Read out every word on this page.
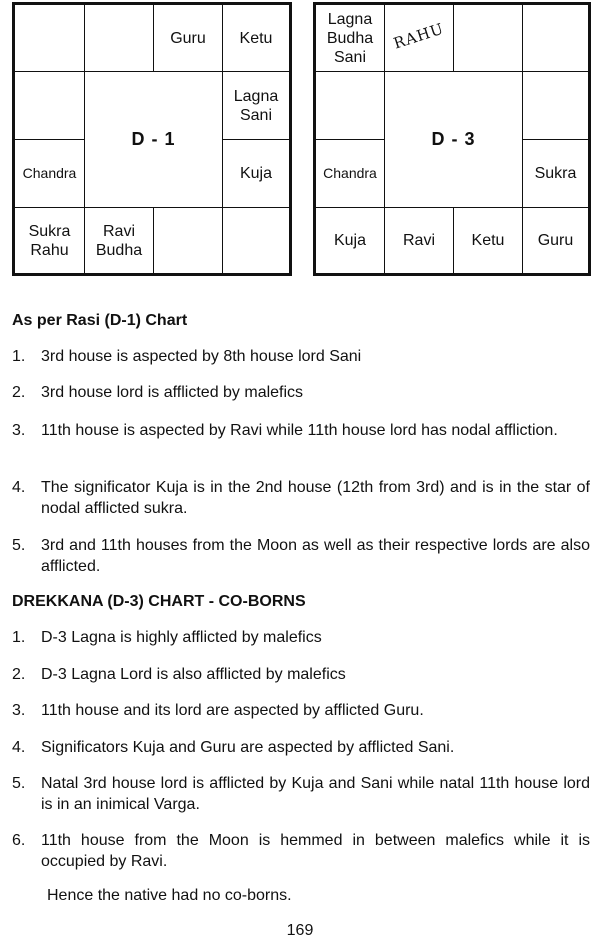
Guru Ketu
Lagna
Sani
Chandra	Kuja
Sukra
Rahu
Ravi
Budha
D - 1
Lagna
Budha
Sani
RAHU
Chandra	Sukra
Kuja Ravi Ketu Guru
D - 3
As per Rasi (D-1) Chart
1. 3rd house is aspected by 8th house lord Sani
2. 3rd house lord is afflicted by malefics
3. 11th house is aspected by Ravi while 11th house lord has nodal affliction.
4. The significator Kuja is in the 2nd house (12th from 3rd) and is in the star of nodal afflicted sukra.
5. 3rd and 11th houses from the Moon as well as their respective lords are also afflicted.
DREKKANA (D-3) CHART - CO-BORNS
1. D-3 Lagna is highly afflicted by malefics
2. D-3 Lagna Lord is also afflicted by malefics
3. 11th house and its lord are aspected by afflicted Guru.
4. Significators Kuja and Guru are aspected by afflicted Sani.
5. Natal 3rd house lord is afflicted by Kuja and Sani while natal 11th house lord is in an inimical Varga.
6. 11th house from the Moon is hemmed in between malefics while it is occupied by Ravi.
Hence the native had no co-borns.
169
